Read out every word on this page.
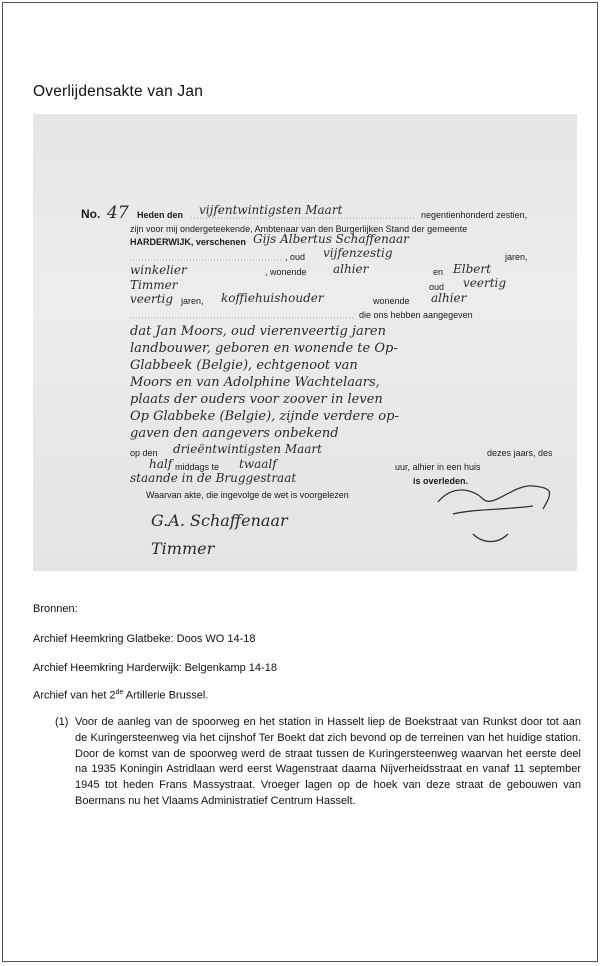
Overlijdensakte van Jan
No. 47 Heden den vijfentwintigsten Maart	negentienhonderd zestien,
zijn voor mij ondergeteekende, Ambtenaar van den Burgerlijken Stand der gemeente
HARDERWIJK, verschenen Gijs Albertus Schaffenaar
, oud vijfenzestig	jaren,
winkelier	, wonende alhier	en Elbert
Timmer	oud veertig
veertig jaren, koffiehuishouder	wonende alhier
die ons hebben aangegeven
dat Jan Moors, oud vierenveertig jaren
landbouwer, geboren en wonende te Op-
Glabbeek (Belgie), echtgenoot van
Moors en van Adolphine Wachtelaars,
plaats der ouders voor zoover in leven
Op Glabbeke (Belgie), zijnde verdere op-
gaven den aangevers onbekend
op den drieëntwintigsten Maart	dezes jaars, des
half middags te twaalf	uur, alhier in een huis
staande in de Bruggestraat	is overleden.
Waarvan akte, die ingevolge de wet is voorgelezen
G.A. Schaffenaar
Timmer

Bronnen:

Archief Heemkring Glatbeke: Doos WO 14-18

Archief Heemkring Harderwijk: Belgenkamp 14-18

Archief van het 2de Artillerie Brussel.

(1) Voor de aanleg van de spoorweg en het station in Hasselt liep de Boekstraat van Runkst door tot aan de Kuringersteenweg via het cijnshof Ter Boekt dat zich bevond op de terreinen van het huidige station. Door de komst van de spoorweg werd de straat tussen de Kuringersteenweg waarvan het eerste deel na 1935 Koningin Astridlaan werd eerst Wagenstraat daarna Nijverheidsstraat en vanaf 11 september 1945 tot heden Frans Massystraat. Vroeger lagen op de hoek van deze straat de gebouwen van Boermans nu het Vlaams Administratief Centrum Hasselt.
